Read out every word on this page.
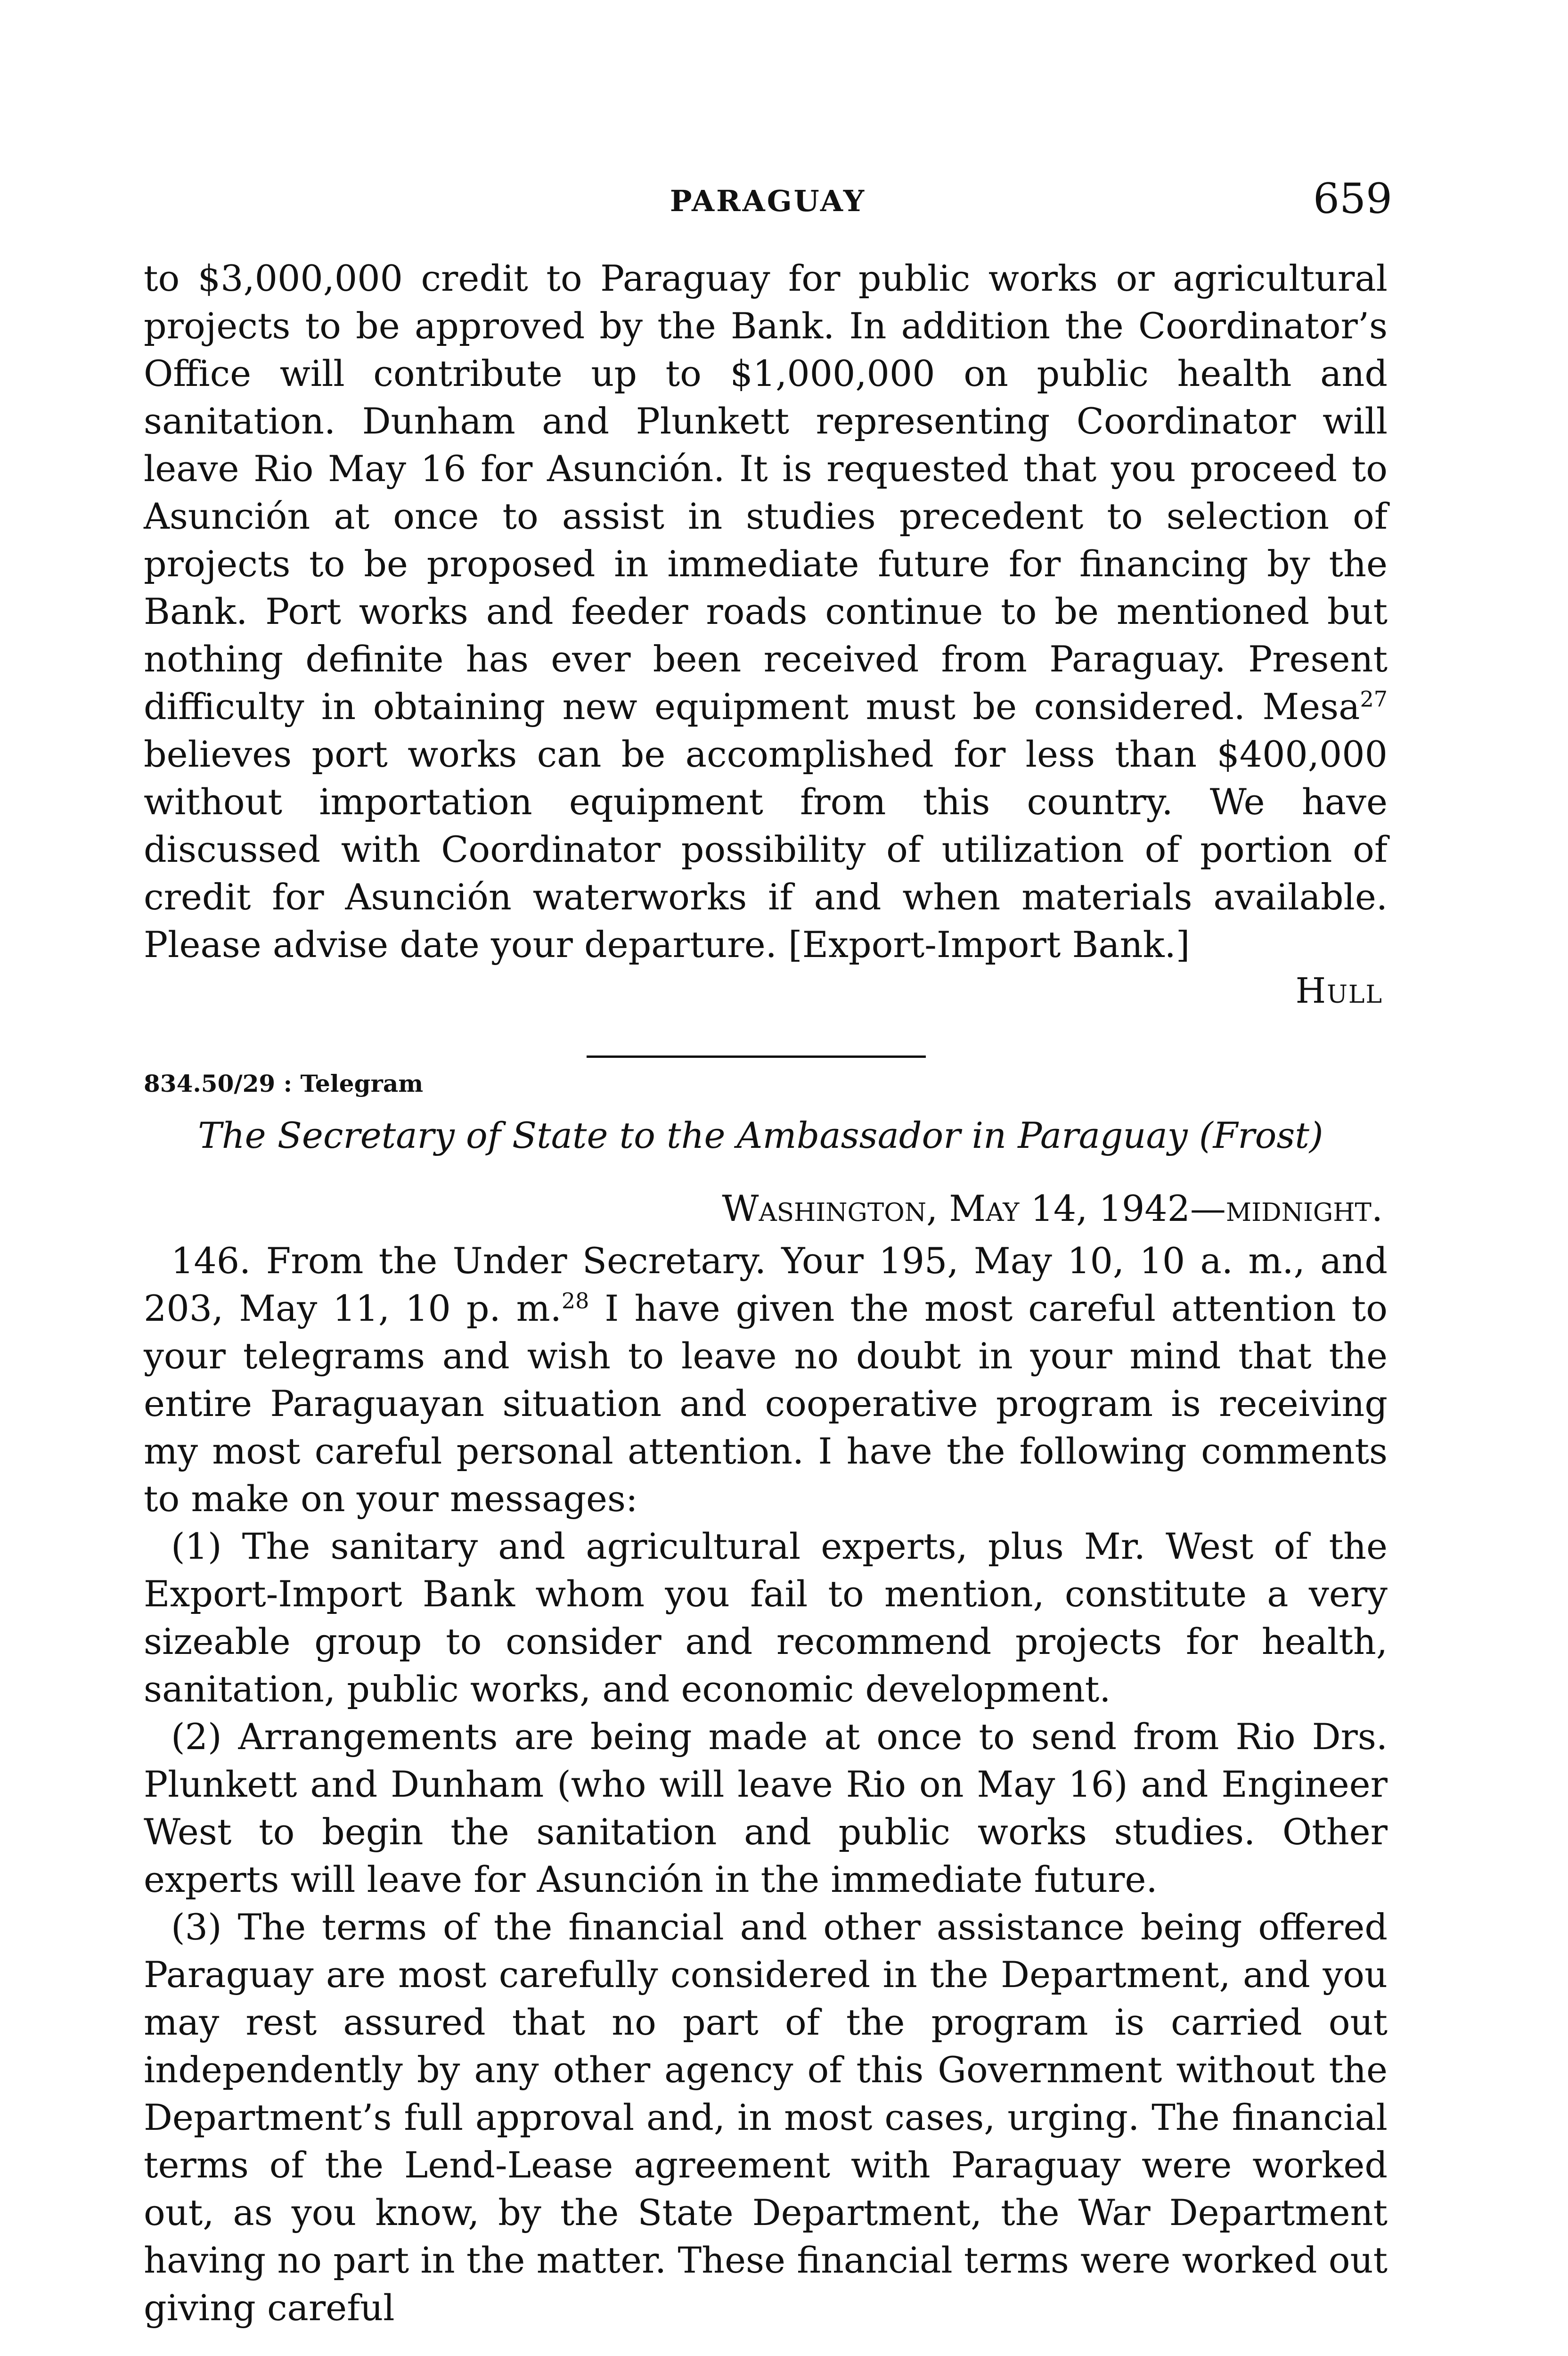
PARAGUAY	659

to $3,000,000 credit to Paraguay for public works or agricultural projects to be approved by the Bank. In addition the Coordinator’s Office will contribute up to $1,000,000 on public health and sanitation. Dunham and Plunkett representing Coordinator will leave Rio May 16 for Asunción. It is requested that you proceed to Asunción at once to assist in studies precedent to selection of projects to be proposed in immediate future for financing by the Bank. Port works and feeder roads continue to be mentioned but nothing definite has ever been received from Paraguay. Present difficulty in obtaining new equipment must be considered. Mesa$^{27}$ believes port works can be accomplished for less than $400,000 without importation equipment from this country. We have discussed with Coordinator possibility of utilization of portion of credit for Asunción waterworks if and when materials available. Please advise date your departure. [Export-Import Bank.]

Hull
834.50/29 : Telegram
The Secretary of State to the Ambassador in Paraguay (Frost)
Washington, May 14, 1942—midnight.

146. From the Under Secretary. Your 195, May 10, 10 a. m., and 203, May 11, 10 p. m.$^{28}$ I have given the most careful attention to your telegrams and wish to leave no doubt in your mind that the entire Paraguayan situation and cooperative program is receiving my most careful personal attention. I have the following comments to make on your messages:

(1) The sanitary and agricultural experts, plus Mr. West of the Export-Import Bank whom you fail to mention, constitute a very sizeable group to consider and recommend projects for health, sanitation, public works, and economic development.

(2) Arrangements are being made at once to send from Rio Drs. Plunkett and Dunham (who will leave Rio on May 16) and Engineer West to begin the sanitation and public works studies. Other experts will leave for Asunción in the immediate future.

(3) The terms of the financial and other assistance being offered Paraguay are most carefully considered in the Department, and you may rest assured that no part of the program is carried out independently by any other agency of this Government without the Department’s full approval and, in most cases, urging. The financial terms of the Lend-Lease agreement with Paraguay were worked out, as you know, by the State Department, the War Department having no part in the matter. These financial terms were worked out giving careful
